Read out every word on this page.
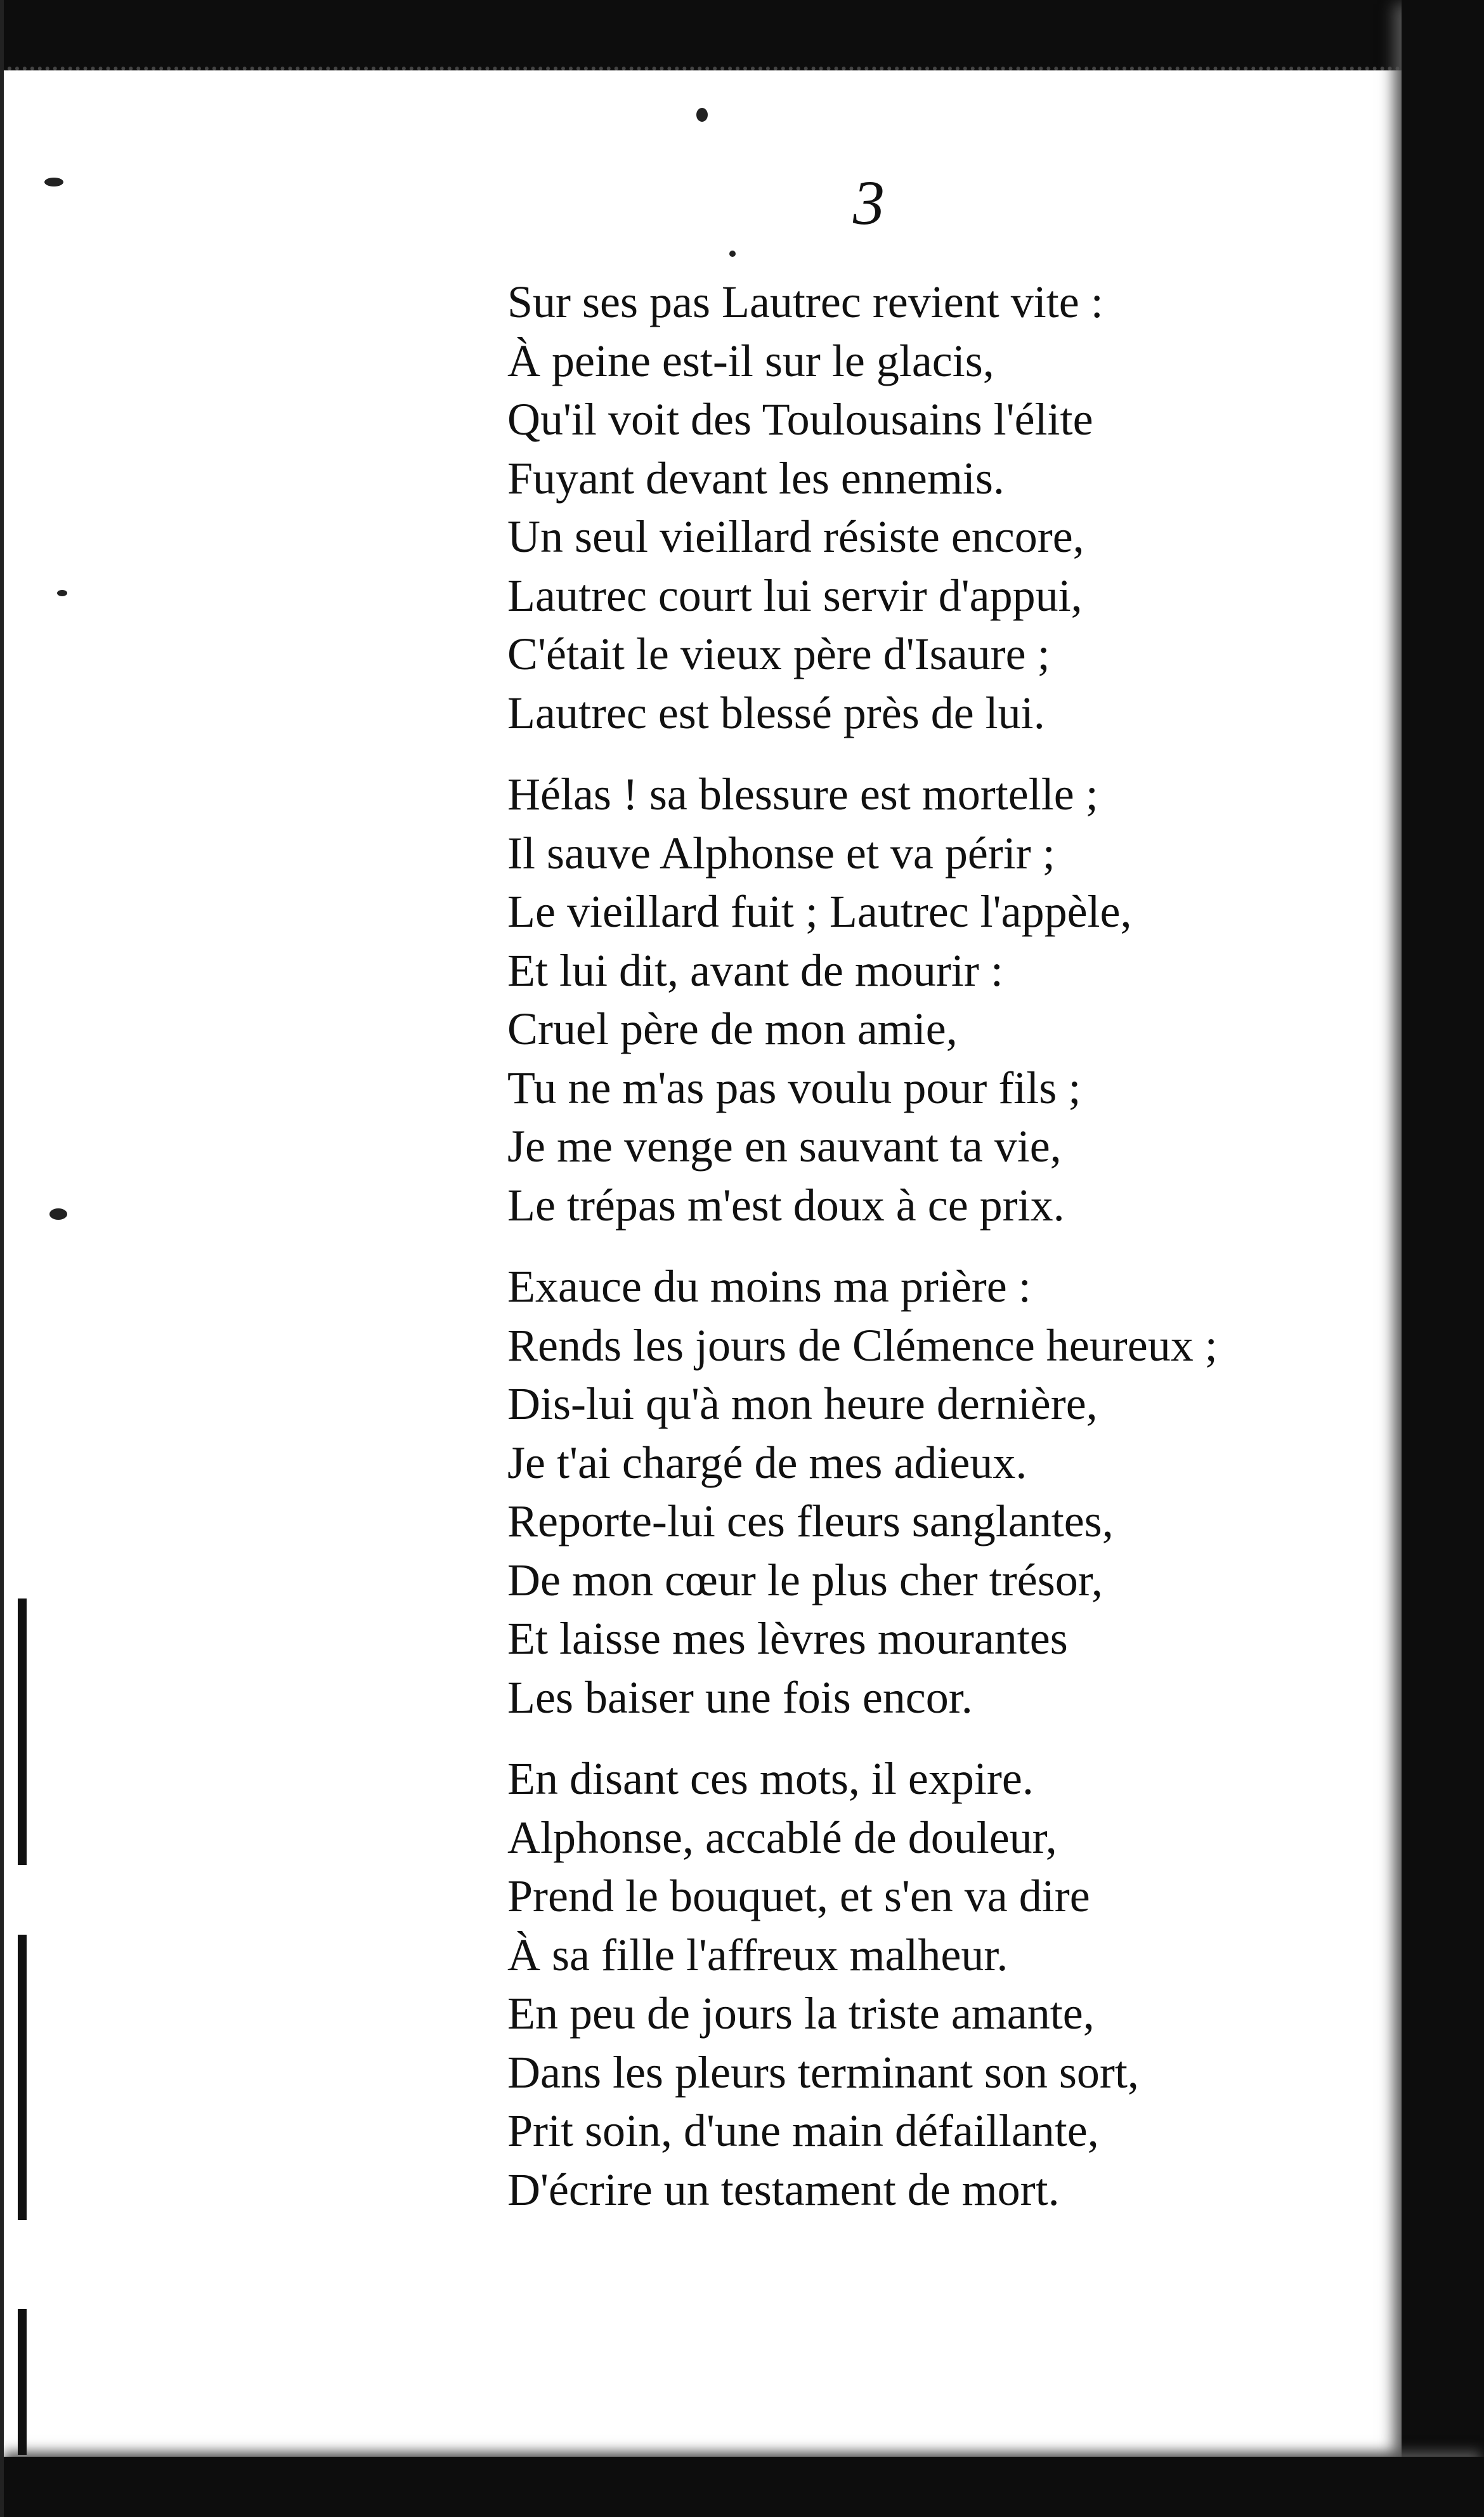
3
Sur ses pas Lautrec revient vite :
À peine est-il sur le glacis,
Qu'il voit des Toulousains l'élite
Fuyant devant les ennemis.
Un seul vieillard résiste encore,
Lautrec court lui servir d'appui,
C'était le vieux père d'Isaure ;
Lautrec est blessé près de lui.
Hélas ! sa blessure est mortelle ;
Il sauve Alphonse et va périr ;
Le vieillard fuit ; Lautrec l'appèle,
Et lui dit, avant de mourir :
Cruel père de mon amie,
Tu ne m'as pas voulu pour fils ;
Je me venge en sauvant ta vie,
Le trépas m'est doux à ce prix.
Exauce du moins ma prière :
Rends les jours de Clémence heureux ;
Dis-lui qu'à mon heure dernière,
Je t'ai chargé de mes adieux.
Reporte-lui ces fleurs sanglantes,
De mon cœur le plus cher trésor,
Et laisse mes lèvres mourantes
Les baiser une fois encor.
En disant ces mots, il expire.
Alphonse, accablé de douleur,
Prend le bouquet, et s'en va dire
À sa fille l'affreux malheur.
En peu de jours la triste amante,
Dans les pleurs terminant son sort,
Prit soin, d'une main défaillante,
D'écrire un testament de mort.
